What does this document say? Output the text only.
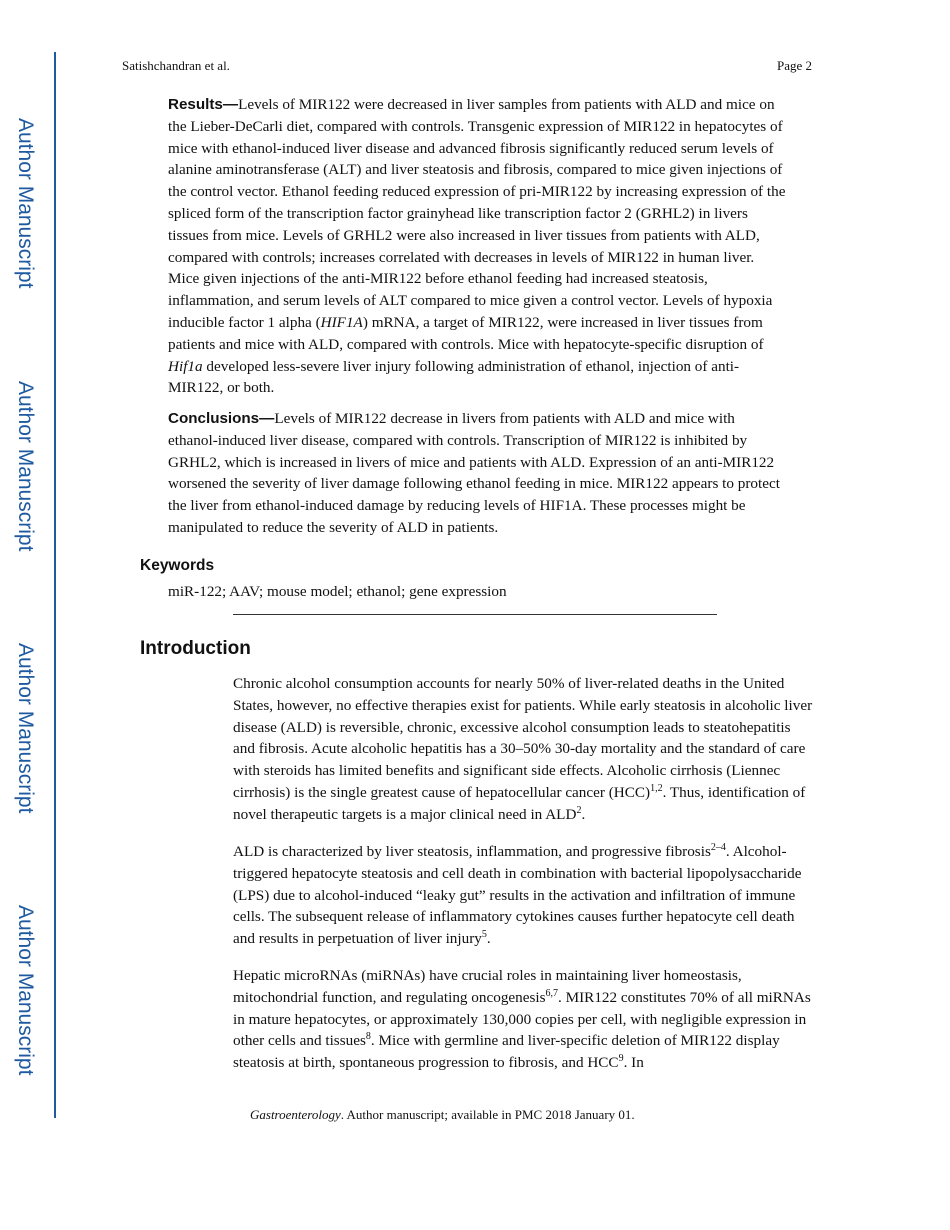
Author Manuscript
Author Manuscript
Author Manuscript
Author Manuscript
Satishchandran et al.	Page 2

Results—Levels of MIR122 were decreased in liver samples from patients with ALD and mice on the Lieber-DeCarli diet, compared with controls. Transgenic expression of MIR122 in hepatocytes of mice with ethanol-induced liver disease and advanced fibrosis significantly reduced serum levels of alanine aminotransferase (ALT) and liver steatosis and fibrosis, compared to mice given injections of the control vector. Ethanol feeding reduced expression of pri-MIR122 by increasing expression of the spliced form of the transcription factor grainyhead like transcription factor 2 (GRHL2) in livers tissues from mice. Levels of GRHL2 were also increased in liver tissues from patients with ALD, compared with controls; increases correlated with decreases in levels of MIR122 in human liver. Mice given injections of the anti-MIR122 before ethanol feeding had increased steatosis, inflammation, and serum levels of ALT compared to mice given a control vector. Levels of hypoxia inducible factor 1 alpha (HIF1A) mRNA, a target of MIR122, were increased in liver tissues from patients and mice with ALD, compared with controls. Mice with hepatocyte-specific disruption of Hif1a developed less-severe liver injury following administration of ethanol, injection of anti-MIR122, or both.

Conclusions—Levels of MIR122 decrease in livers from patients with ALD and mice with ethanol-induced liver disease, compared with controls. Transcription of MIR122 is inhibited by GRHL2, which is increased in livers of mice and patients with ALD. Expression of an anti-MIR122 worsened the severity of liver damage following ethanol feeding in mice. MIR122 appears to protect the liver from ethanol-induced damage by reducing levels of HIF1A. These processes might be manipulated to reduce the severity of ALD in patients.

Keywords

miR-122; AAV; mouse model; ethanol; gene expression

Introduction

Chronic alcohol consumption accounts for nearly 50% of liver-related deaths in the United States, however, no effective therapies exist for patients. While early steatosis in alcoholic liver disease (ALD) is reversible, chronic, excessive alcohol consumption leads to steatohepatitis and fibrosis. Acute alcoholic hepatitis has a 30–50% 30-day mortality and the standard of care with steroids has limited benefits and significant side effects. Alcoholic cirrhosis (Liennec cirrhosis) is the single greatest cause of hepatocellular cancer (HCC)$^{1,2}$. Thus, identification of novel therapeutic targets is a major clinical need in ALD$^2$.

ALD is characterized by liver steatosis, inflammation, and progressive fibrosis$^{2-4}$. Alcohol-triggered hepatocyte steatosis and cell death in combination with bacterial lipopolysaccharide (LPS) due to alcohol-induced “leaky gut” results in the activation and infiltration of immune cells. The subsequent release of inflammatory cytokines causes further hepatocyte cell death and results in perpetuation of liver injury$^5$.

Hepatic microRNAs (miRNAs) have crucial roles in maintaining liver homeostasis, mitochondrial function, and regulating oncogenesis$^{6,7}$. MIR122 constitutes 70% of all miRNAs in mature hepatocytes, or approximately 130,000 copies per cell, with negligible expression in other cells and tissues$^8$. Mice with germline and liver-specific deletion of MIR122 display steatosis at birth, spontaneous progression to fibrosis, and HCC$^9$. In

Gastroenterology. Author manuscript; available in PMC 2018 January 01.
